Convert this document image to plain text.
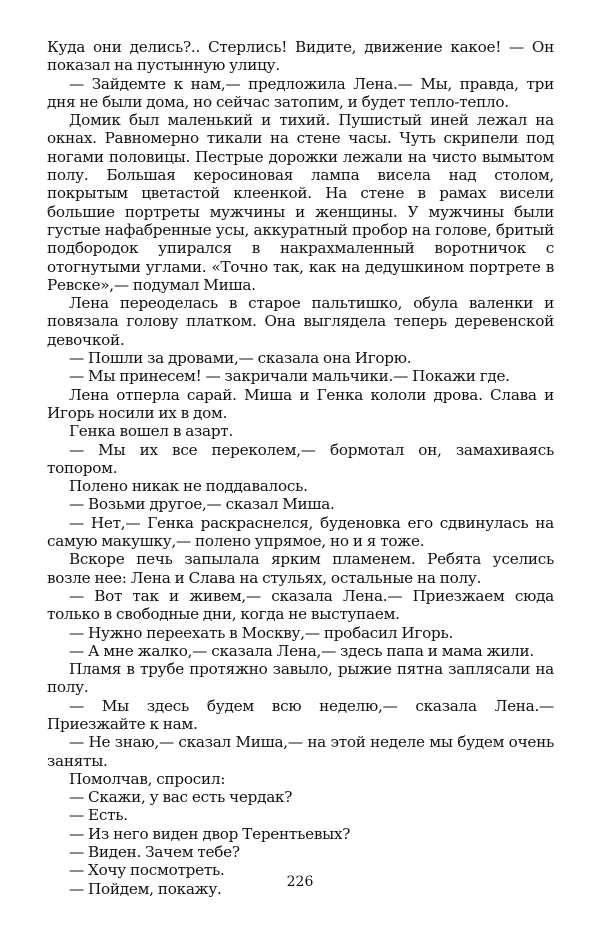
Куда они делись?.. Стерлись! Видите, движение какое! — Он показал на пустынную улицу.

— Зайдемте к нам,— предложила Лена.— Мы, правда, три дня не были дома, но сейчас затопим, и будет тепло-тепло.

Домик был маленький и тихий. Пушистый иней лежал на окнах. Равномерно тикали на стене часы. Чуть скрипели под ногами половицы. Пестрые дорожки лежали на чисто вымытом полу. Большая керосиновая лампа висела над столом, покрытым цветастой клеенкой. На стене в рамах висели большие портреты мужчины и женщины. У мужчины были густые нафабренные усы, аккуратный пробор на голове, бритый подбородок упирался в накрахмаленный воротничок с отогнутыми углами. «Точно так, как на дедушкином портрете в Ревске»,— подумал Миша.

Лена переоделась в старое пальтишко, обула валенки и повязала голову платком. Она выглядела теперь деревенской девочкой.

— Пошли за дровами,— сказала она Игорю.

— Мы принесем! — закричали мальчики.— Покажи где.

Лена отперла сарай. Миша и Генка кололи дрова. Слава и Игорь носили их в дом.

Генка вошел в азарт.

— Мы их все переколем,— бормотал он, замахиваясь топором.

Полено никак не поддавалось.

— Возьми другое,— сказал Миша.

— Нет,— Генка раскраснелся, буденовка его сдвинулась на самую макушку,— полено упрямое, но и я тоже.

Вскоре печь запылала ярким пламенем. Ребята уселись возле нее: Лена и Слава на стульях, остальные на полу.

— Вот так и живем,— сказала Лена.— Приезжаем сюда только в свободные дни, когда не выступаем.

— Нужно переехать в Москву,— пробасил Игорь.

— А мне жалко,— сказала Лена,— здесь папа и мама жили.

Пламя в трубе протяжно завыло, рыжие пятна заплясали на полу.

— Мы здесь будем всю неделю,— сказала Лена.— Приезжайте к нам.

— Не знаю,— сказал Миша,— на этой неделе мы будем очень заняты.

Помолчав, спросил:

— Скажи, у вас есть чердак?

— Есть.

— Из него виден двор Терентьевых?

— Виден. Зачем тебе?

— Хочу посмотреть.

— Пойдем, покажу.	226
